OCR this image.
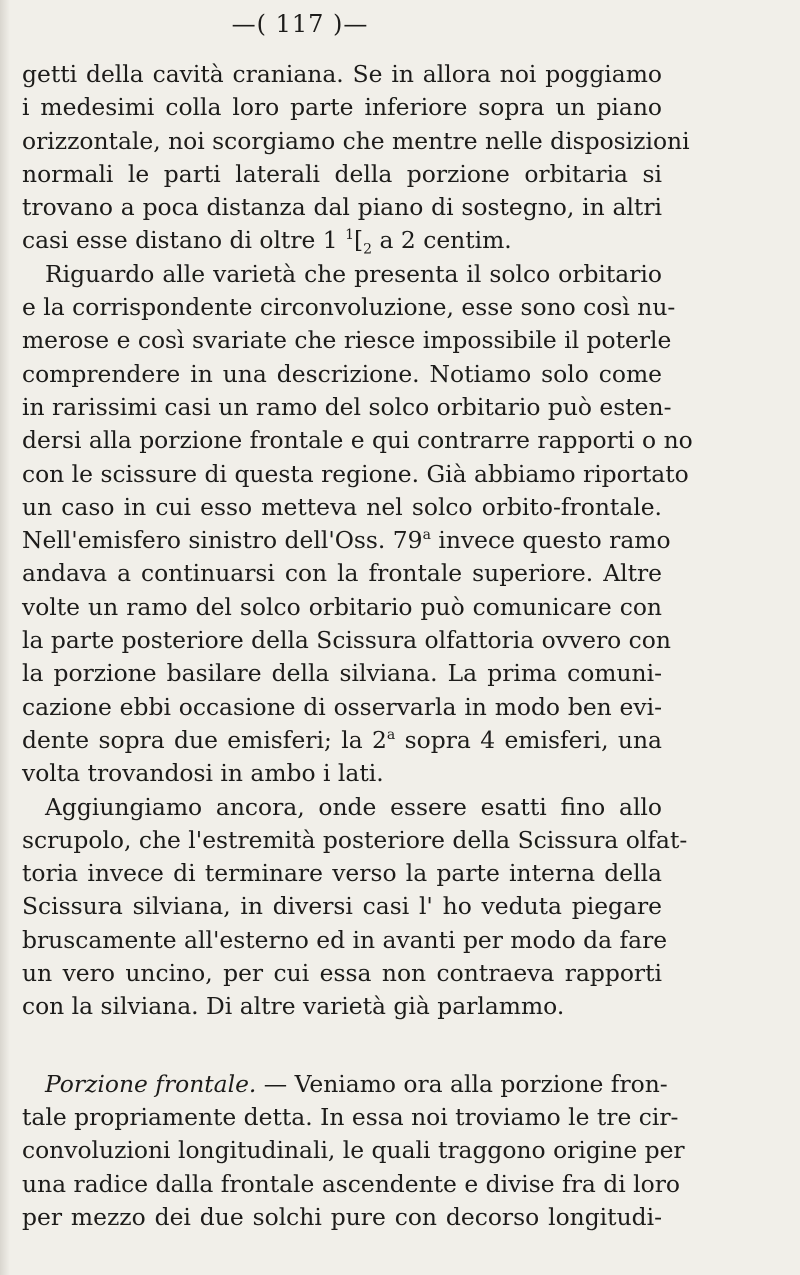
—( 117 )—
getti della cavità craniana. Se in allora noi poggiamo
i medesimi colla loro parte inferiore sopra un piano
orizzontale, noi scorgiamo che mentre nelle disposizioni
normali le parti laterali della porzione orbitaria si
trovano a poca distanza dal piano di sostegno, in altri
casi esse distano di oltre 1 $^1[_2$ a 2 centim.
Riguardo alle varietà che presenta il solco orbitario
e la corrispondente circonvoluzione, esse sono così nu-
merose e così svariate che riesce impossibile il poterle
comprendere in una descrizione. Notiamo solo come
in rarissimi casi un ramo del solco orbitario può esten-
dersi alla porzione frontale e qui contrarre rapporti o no
con le scissure di questa regione. Già abbiamo riportato
un caso in cui esso metteva nel solco orbito-frontale.
Nell'emisfero sinistro dell'Oss. 79$^a$ invece questo ramo
andava a continuarsi con la frontale superiore. Altre
volte un ramo del solco orbitario può comunicare con
la parte posteriore della Scissura olfattoria ovvero con
la porzione basilare della silviana. La prima comuni-
cazione ebbi occasione di osservarla in modo ben evi-
dente sopra due emisferi; la 2$^a$ sopra 4 emisferi, una
volta trovandosi in ambo i lati.
Aggiungiamo ancora, onde essere esatti fino allo
scrupolo, che l'estremità posteriore della Scissura olfat-
toria invece di terminare verso la parte interna della
Scissura silviana, in diversi casi l' ho veduta piegare
bruscamente all'esterno ed in avanti per modo da fare
un vero uncino, per cui essa non contraeva rapporti
con la silviana. Di altre varietà già parlammo.
Porzione frontale. — Veniamo ora alla porzione fron-
tale propriamente detta. In essa noi troviamo le tre cir-
convoluzioni longitudinali, le quali traggono origine per
una radice dalla frontale ascendente e divise fra di loro
per mezzo dei due solchi pure con decorso longitudi-
